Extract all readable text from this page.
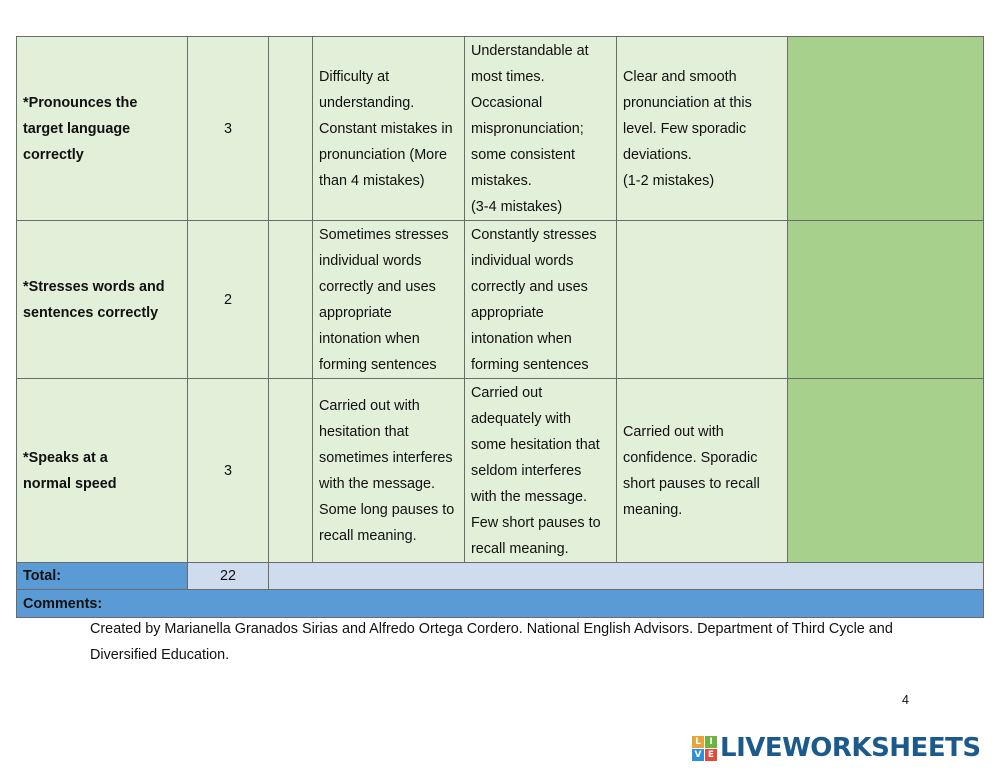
*Pronounces the target language correctly	3		Difficulty at understanding. Constant mistakes in pronunciation (More than 4 mistakes)	Understandable at most times. Occasional mispronunciation; some consistent mistakes.
(3-4 mistakes)	Clear and smooth pronunciation at this level. Few sporadic deviations.
(1-2 mistakes)	
*Stresses words and sentences correctly	2		Sometimes stresses individual words correctly and uses appropriate intonation when forming sentences	Constantly stresses individual words correctly and uses appropriate intonation when forming sentences		
*Speaks at a
normal speed	3		Carried out with hesitation that sometimes interferes with the message. Some long pauses to recall meaning.	Carried out adequately with some hesitation that seldom interferes with the message. Few short pauses to recall meaning.	Carried out with confidence. Sporadic short pauses to recall meaning.	
Total:	22					
Comments:						
Created by Marianella Granados Sirias and Alfredo Ortega Cordero. National English Advisors. Department of Third Cycle and Diversified Education.
4
L I
V E LIVEWORKSHEETS
